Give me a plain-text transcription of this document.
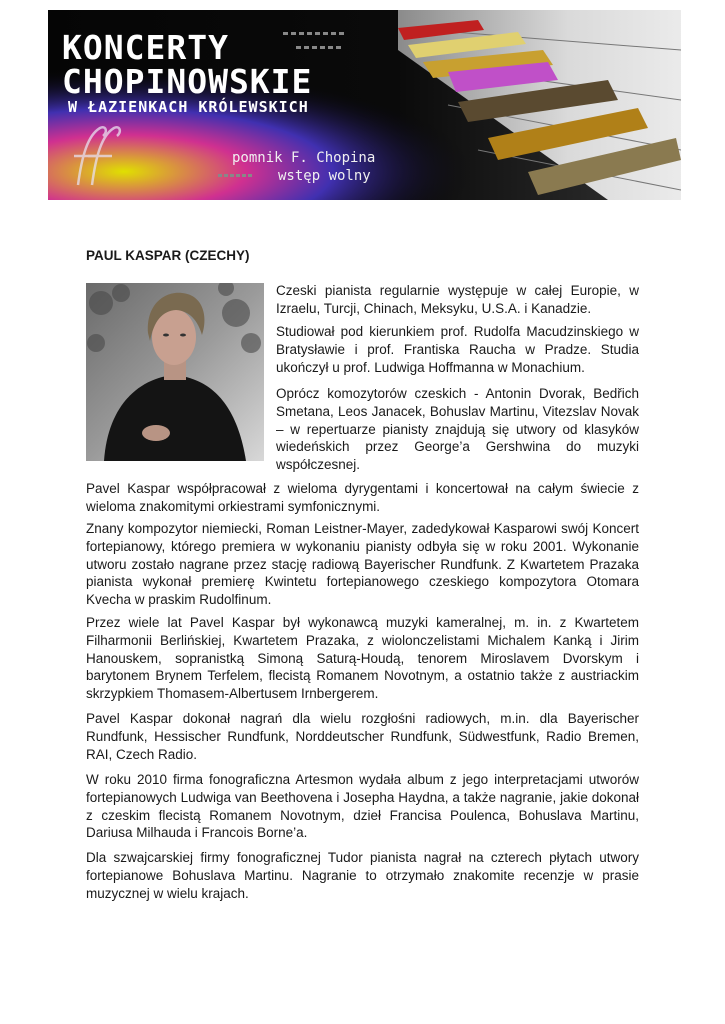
KONCERTY
CHOPINOWSKIE
W ŁAZIENKACH KRÓLEWSKICH
pomnik F. Chopina
wstęp wolny
PAUL KASPAR (CZECHY)

Czeski pianista regularnie występuje w całej Europie, w Izraelu, Turcji, Chinach, Meksyku, U.S.A. i Kanadzie.

Studiował pod kierunkiem prof. Rudolfa Macudzinskiego w Bratysławie i prof. Frantiska Raucha w Pradze. Studia ukończył u prof. Ludwiga Hoffmanna w Monachium.

Oprócz komozytorów czeskich - Antonin Dvorak, Bedřich Smetana, Leos Janacek, Bohuslav Martinu, Vitezslav Novak – w repertuarze pianisty znajdują się utwory od klasyków wiedeńskich przez George’a Gershwina do muzyki współczesnej.

Pavel Kaspar współpracował z wieloma dyrygentami i koncertował na całym świecie z wieloma znakomitymi orkiestrami symfonicznymi.

Znany kompozytor niemiecki, Roman Leistner-Mayer, zadedykował Kasparowi swój Koncert fortepianowy, którego premiera w wykonaniu pianisty odbyła się w roku 2001. Wykonanie utworu zostało nagrane przez stację radiową Bayerischer Rundfunk. Z Kwartetem Prazaka pianista wykonał premierę Kwintetu fortepianowego czeskiego kompozytora Otomara Kvecha w praskim Rudolfinum.

Przez wiele lat Pavel Kaspar był wykonawcą muzyki kameralnej, m. in. z Kwartetem Filharmonii Berlińskiej, Kwartetem Prazaka, z wiolonczelistami Michalem Kanką i Jirim Hanouskem, sopranistką Simoną Saturą-Houdą, tenorem Miroslavem Dvorskym i barytonem Brynem Terfelem, flecistą Romanem Novotnym, a ostatnio także z austriackim skrzypkiem Thomasem-Albertusem Irnbergerem.

Pavel Kaspar dokonał nagrań dla wielu rozgłośni radiowych, m.in. dla Bayerischer Rundfunk, Hessischer Rundfunk, Norddeutscher Rundfunk, Südwestfunk, Radio Bremen, RAI, Czech Radio.

W roku 2010 firma fonograficzna Artesmon wydała album z jego interpretacjami utworów fortepianowych Ludwiga van Beethovena i Josepha Haydna, a także nagranie, jakie dokonał z czeskim flecistą Romanem Novotnym, dzieł Francisa Poulenca, Bohuslava Martinu, Dariusa Milhauda i Francois Borne’a.

Dla szwajcarskiej firmy fonograficznej Tudor pianista nagrał na czterech płytach utwory fortepianowe Bohuslava Martinu. Nagranie to otrzymało znakomite recenzje w prasie muzycznej w wielu krajach.
